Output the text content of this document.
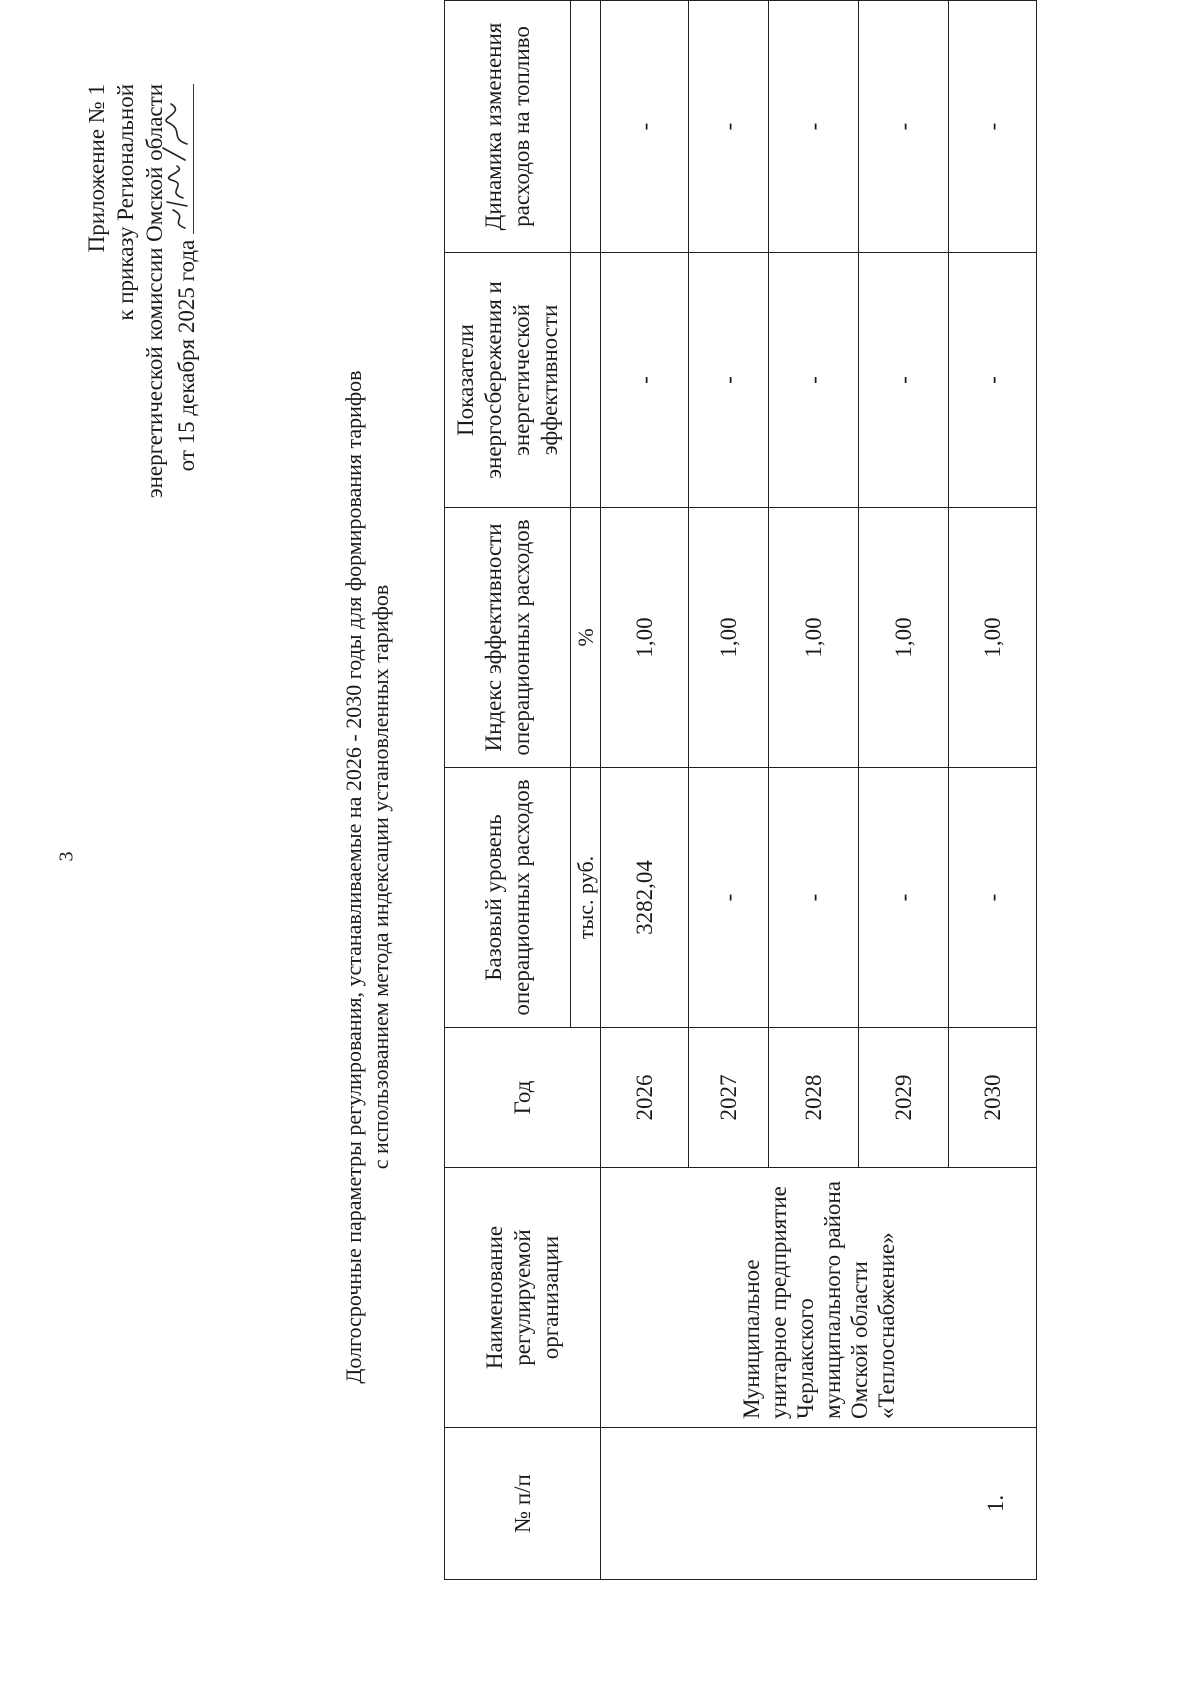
3
Приложение № 1 к приказу Региональной энергетической комиссии Омской области от 15 декабря 2025 года
Долгосрочные параметры регулирования, устанавливаемые на 2026 - 2030 годы для формирования тарифов с использованием метода индексации установленных тарифов
№ п/п	Наименование регулируемой организации	Год	Базовый уровень операционных расходов	Индекс эффективности операционных расходов	Показатели энергосбережения и энергетической эффективности	Динамика изменения расходов на топливо
			тыс. руб.	%		
1.	Муниципальное унитарное предприятие Черлакского муниципального района Омской области «Теплоснабжение»	2026	3282,04	1,00	-	-
		2027	-	1,00	-	-
		2028	-	1,00	-	-
		2029	-	1,00	-	-
		2030	-	1,00	-	-
